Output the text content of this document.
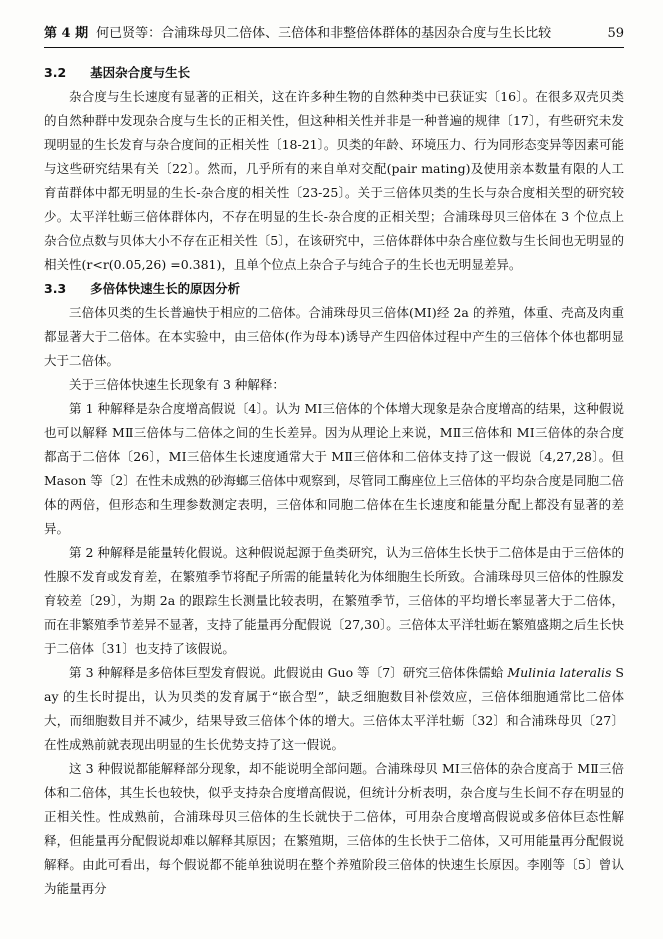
第 4 期 何已贤等：合浦珠母贝二倍体、三倍体和非整倍体群体的基因杂合度与生长比较	59
3.2 基因杂合度与生长

杂合度与生长速度有显著的正相关，这在许多种生物的自然种类中已获证实〔16〕。在很多双壳贝类的自然种群中发现杂合度与生长的正相关性，但这种相关性并非是一种普遍的规律〔17〕，有些研究未发现明显的生长发育与杂合度间的正相关性〔18-21〕。贝类的年龄、环境压力、行为同形态变异等因素可能与这些研究结果有关〔22〕。然而，几乎所有的来自单对交配(pair mating)及使用亲本数量有限的人工育苗群体中都无明显的生长-杂合度的相关性〔23-25〕。关于三倍体贝类的生长与杂合度相关型的研究较少。太平洋牡蛎三倍体群体内，不存在明显的生长-杂合度的正相关型；合浦珠母贝三倍体在 3 个位点上杂合位点数与贝体大小不存在正相关性〔5〕，在该研究中，三倍体群体中杂合座位数与生长间也无明显的相关性(r<r(0.05,26) =0.381)，且单个位点上杂合子与纯合子的生长也无明显差异。

3.3 多倍体快速生长的原因分析

三倍体贝类的生长普遍快于相应的二倍体。合浦珠母贝三倍体(MⅠ)经 2a 的养殖，体重、壳高及肉重都显著大于二倍体。在本实验中，由三倍体(作为母本)诱导产生四倍体过程中产生的三倍体个体也都明显大于二倍体。

关于三倍体快速生长现象有 3 种解释：

第 1 种解释是杂合度增高假说〔4〕。认为 MⅠ三倍体的个体增大现象是杂合度增高的结果，这种假说也可以解释 MⅡ三倍体与二倍体之间的生长差异。因为从理论上来说，MⅡ三倍体和 MⅠ三倍体的杂合度都高于二倍体〔26〕，MⅠ三倍体生长速度通常大于 MⅡ三倍体和二倍体支持了这一假说〔4,27,28〕。但 Mason 等〔2〕在性未成熟的砂海螂三倍体中观察到，尽管同工酶座位上三倍体的平均杂合度是同胞二倍体的两倍，但形态和生理参数测定表明，三倍体和同胞二倍体在生长速度和能量分配上都没有显著的差异。

第 2 种解释是能量转化假说。这种假说起源于鱼类研究，认为三倍体生长快于二倍体是由于三倍体的性腺不发育或发育差，在繁殖季节将配子所需的能量转化为体细胞生长所致。合浦珠母贝三倍体的性腺发育较差〔29〕，为期 2a 的跟踪生长测量比较表明，在繁殖季节，三倍体的平均增长率显著大于二倍体，而在非繁殖季节差异不显著，支持了能量再分配假说〔27,30〕。三倍体太平洋牡蛎在繁殖盛期之后生长快于二倍体〔31〕也支持了该假说。

第 3 种解释是多倍体巨型发育假说。此假说由 Guo 等〔7〕研究三倍体侏儒蛤 Mulinia lateralis Say 的生长时提出，认为贝类的发育属于“嵌合型”，缺乏细胞数目补偿效应，三倍体细胞通常比二倍体大，而细胞数目并不减少，结果导致三倍体个体的增大。三倍体太平洋牡蛎〔32〕和合浦珠母贝〔27〕在性成熟前就表现出明显的生长优势支持了这一假说。

这 3 种假说都能解释部分现象，却不能说明全部问题。合浦珠母贝 MⅠ三倍体的杂合度高于 MⅡ三倍体和二倍体，其生长也较快，似乎支持杂合度增高假说，但统计分析表明，杂合度与生长间不存在明显的正相关性。性成熟前，合浦珠母贝三倍体的生长就快于二倍体，可用杂合度增高假说或多倍体巨态性解释，但能量再分配假说却难以解释其原因；在繁殖期，三倍体的生长快于二倍体，又可用能量再分配假说解释。由此可看出，每个假说都不能单独说明在整个养殖阶段三倍体的快速生长原因。李刚等〔5〕曾认为能量再分
